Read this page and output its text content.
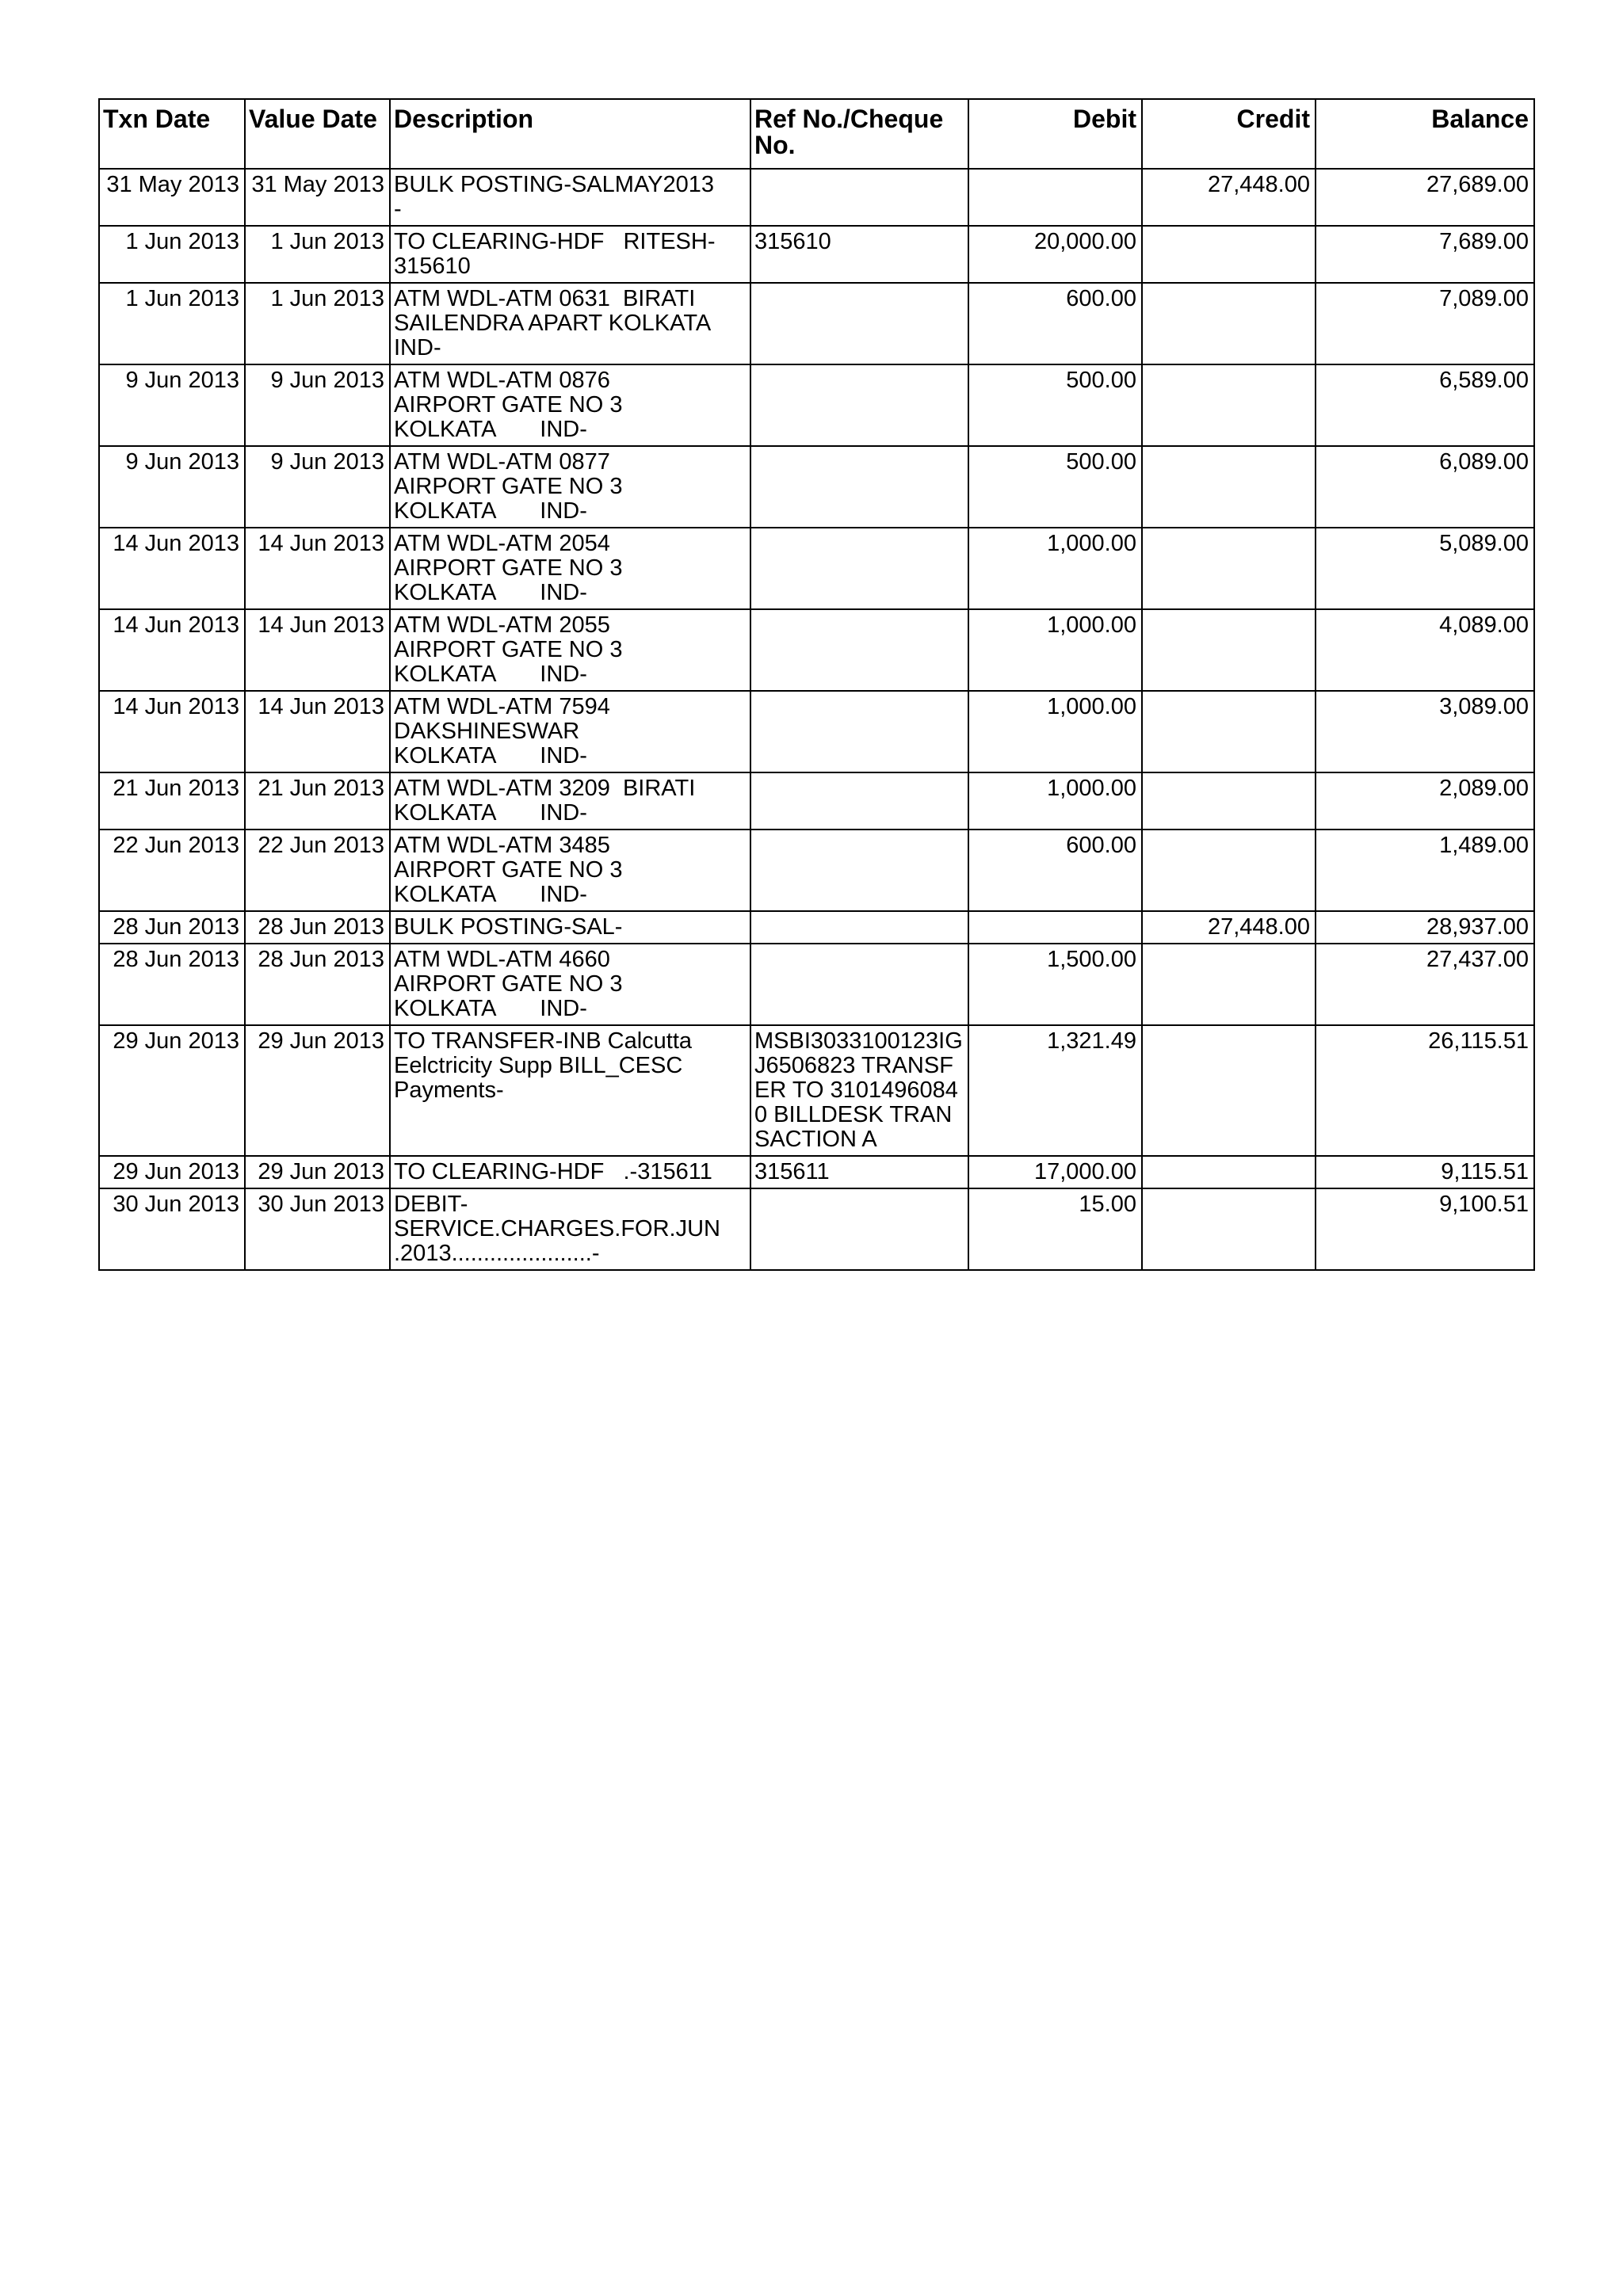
Txn Date	Value Date	Description	Ref No./Cheque No.	Debit	Credit	Balance
31 May 2013	31 May 2013	BULK POSTING-SALMAY2013
-			27,448.00	27,689.00
1 Jun 2013	1 Jun 2013	TO CLEARING-HDF   RITESH-
315610	315610	20,000.00		7,689.00
1 Jun 2013	1 Jun 2013	ATM WDL-ATM 0631  BIRATI
SAILENDRA APART KOLKATA
IND-		600.00		7,089.00
9 Jun 2013	9 Jun 2013	ATM WDL-ATM 0876
AIRPORT GATE NO 3
KOLKATA       IND-		500.00		6,589.00
9 Jun 2013	9 Jun 2013	ATM WDL-ATM 0877
AIRPORT GATE NO 3
KOLKATA       IND-		500.00		6,089.00
14 Jun 2013	14 Jun 2013	ATM WDL-ATM 2054
AIRPORT GATE NO 3
KOLKATA       IND-		1,000.00		5,089.00
14 Jun 2013	14 Jun 2013	ATM WDL-ATM 2055
AIRPORT GATE NO 3
KOLKATA       IND-		1,000.00		4,089.00
14 Jun 2013	14 Jun 2013	ATM WDL-ATM 7594
DAKSHINESWAR
KOLKATA       IND-		1,000.00		3,089.00
21 Jun 2013	21 Jun 2013	ATM WDL-ATM 3209  BIRATI
KOLKATA       IND-		1,000.00		2,089.00
22 Jun 2013	22 Jun 2013	ATM WDL-ATM 3485
AIRPORT GATE NO 3
KOLKATA       IND-		600.00		1,489.00
28 Jun 2013	28 Jun 2013	BULK POSTING-SAL-			27,448.00	28,937.00
28 Jun 2013	28 Jun 2013	ATM WDL-ATM 4660
AIRPORT GATE NO 3
KOLKATA       IND-		1,500.00		27,437.00
29 Jun 2013	29 Jun 2013	TO TRANSFER-INB Calcutta
Eelctricity Supp BILL_CESC
Payments-	MSBI3033100123IGJ6506823 TRANSFER TO 31014960840 BILLDESK TRANSACTION A	1,321.49		26,115.51
29 Jun 2013	29 Jun 2013	TO CLEARING-HDF   .-315611	315611	17,000.00		9,115.51
30 Jun 2013	30 Jun 2013	DEBIT-
SERVICE.CHARGES.FOR.JUN
.2013......................-		15.00		9,100.51
